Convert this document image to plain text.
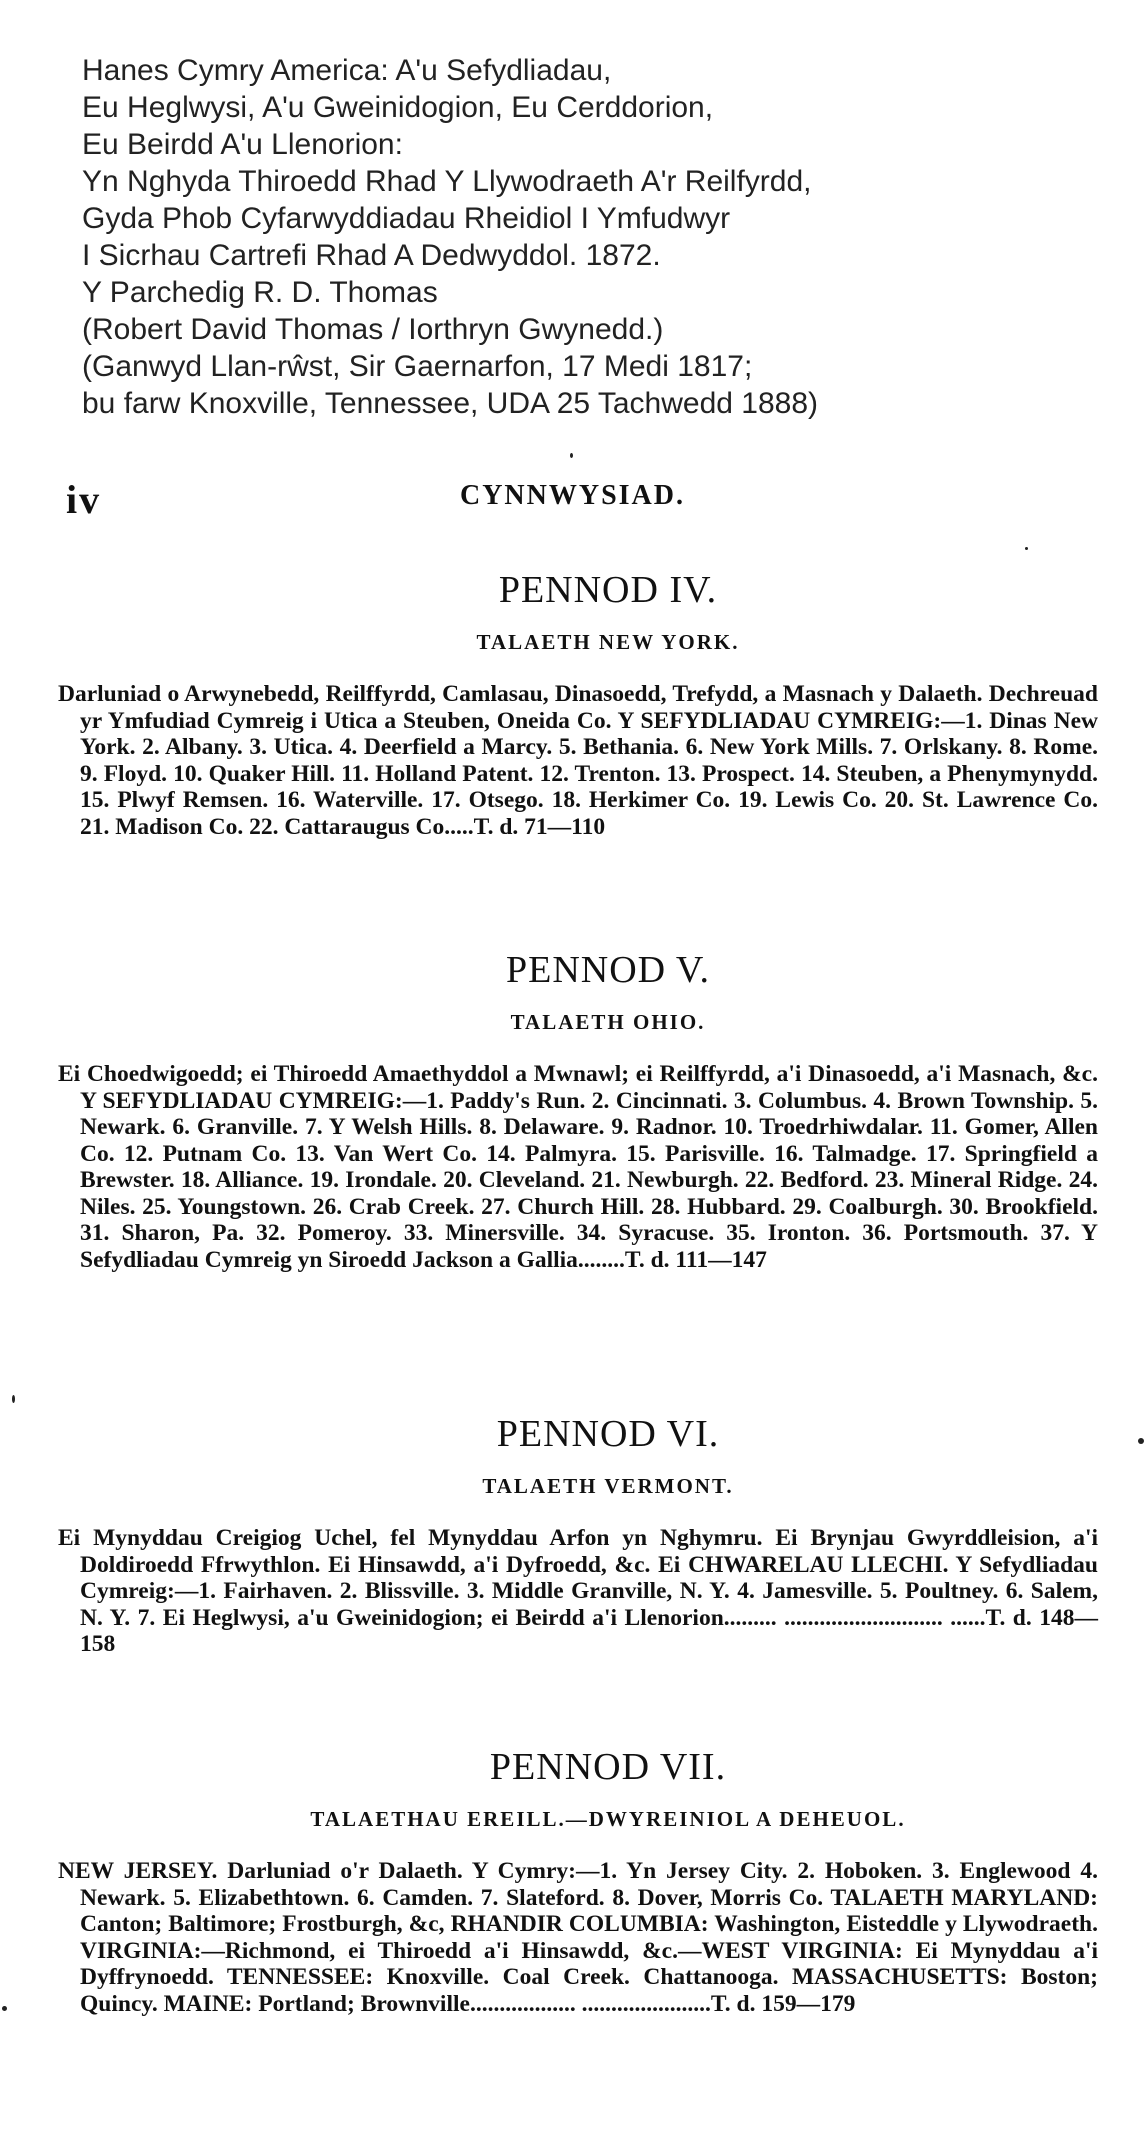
Hanes Cymry America: A'u Sefydliadau,
Eu Heglwysi, A'u Gweinidogion, Eu Cerddorion,
Eu Beirdd A'u Llenorion:
Yn Nghyda Thiroedd Rhad Y Llywodraeth A'r Reilfyrdd,
Gyda Phob Cyfarwyddiadau Rheidiol I Ymfudwyr
I Sicrhau Cartrefi Rhad A Dedwyddol. 1872.
Y Parchedig R. D. Thomas
(Robert David Thomas / Iorthryn Gwynedd.)
(Ganwyd Llan-rŵst, Sir Gaernarfon, 17 Medi 1817;
bu farw Knoxville, Tennessee, UDA 25 Tachwedd 1888)
iv	CYNNWYSIAD.
PENNOD IV.
TALAETH NEW YORK.
Darluniad o Arwynebedd, Reilffyrdd, Camlasau, Dinasoedd, Trefydd, a Masnach y Dalaeth. Dechreuad yr Ymfudiad Cymreig i Utica a Steuben, Oneida Co. Y SEFYDLIADAU CYMREIG:—1. Dinas New York. 2. Albany. 3. Utica. 4. Deerfield a Marcy. 5. Bethania. 6. New York Mills. 7. Orlskany. 8. Rome. 9. Floyd. 10. Quaker Hill. 11. Holland Patent. 12. Trenton. 13. Prospect. 14. Steuben, a Phenymynydd. 15. Plwyf Remsen. 16. Waterville. 17. Otsego. 18. Herkimer Co. 19. Lewis Co. 20. St. Lawrence Co. 21. Madison Co. 22. Cattaraugus Co.....T. d. 71—110
PENNOD V.
TALAETH OHIO.
Ei Choedwigoedd; ei Thiroedd Amaethyddol a Mwnawl; ei Reilffyrdd, a'i Dinasoedd, a'i Masnach, &c. Y SEFYDLIADAU CYMREIG:—1. Paddy's Run. 2. Cincinnati. 3. Columbus. 4. Brown Township. 5. Newark. 6. Granville. 7. Y Welsh Hills. 8. Delaware. 9. Radnor. 10. Troedrhiwdalar. 11. Gomer, Allen Co. 12. Putnam Co. 13. Van Wert Co. 14. Palmyra. 15. Parisville. 16. Talmadge. 17. Springfield a Brewster. 18. Alliance. 19. Irondale. 20. Cleveland. 21. Newburgh. 22. Bedford. 23. Mineral Ridge. 24. Niles. 25. Youngstown. 26. Crab Creek. 27. Church Hill. 28. Hubbard. 29. Coalburgh. 30. Brookfield. 31. Sharon, Pa. 32. Pomeroy. 33. Minersville. 34. Syracuse. 35. Ironton. 36. Portsmouth. 37. Y Sefydliadau Cymreig yn Siroedd Jackson a Gallia........T. d. 111—147
PENNOD VI.
TALAETH VERMONT.
Ei Mynyddau Creigiog Uchel, fel Mynyddau Arfon yn Nghymru. Ei Brynjau Gwyrddleision, a'i Doldiroedd Ffrwythlon. Ei Hinsawdd, a'i Dyfroedd, &c. Ei CHWARELAU LLECHI. Y Sefydliadau Cymreig:—1. Fairhaven. 2. Blissville. 3. Middle Granville, N. Y. 4. Jamesville. 5. Poultney. 6. Salem, N. Y. 7. Ei Heglwysi, a'u Gweinidogion; ei Beirdd a'i Llenorion......... ........................... ......T. d. 148—158
PENNOD VII.
TALAETHAU EREILL.—DWYREINIOL A DEHEUOL.
NEW JERSEY. Darluniad o'r Dalaeth. Y Cymry:—1. Yn Jersey City. 2. Hoboken. 3. Englewood 4. Newark. 5. Elizabethtown. 6. Camden. 7. Slateford. 8. Dover, Morris Co. TALAETH MARYLAND: Canton; Baltimore; Frostburgh, &c, RHANDIR COLUMBIA: Washington, Eisteddle y Llywodraeth. VIRGINIA:—Richmond, ei Thiroedd a'i Hinsawdd, &c.—WEST VIRGINIA: Ei Mynyddau a'i Dyffrynoedd. TENNESSEE: Knoxville. Coal Creek. Chattanooga. MASSACHUSETTS: Boston; Quincy. MAINE: Portland; Brownville.................. ......................T. d. 159—179
